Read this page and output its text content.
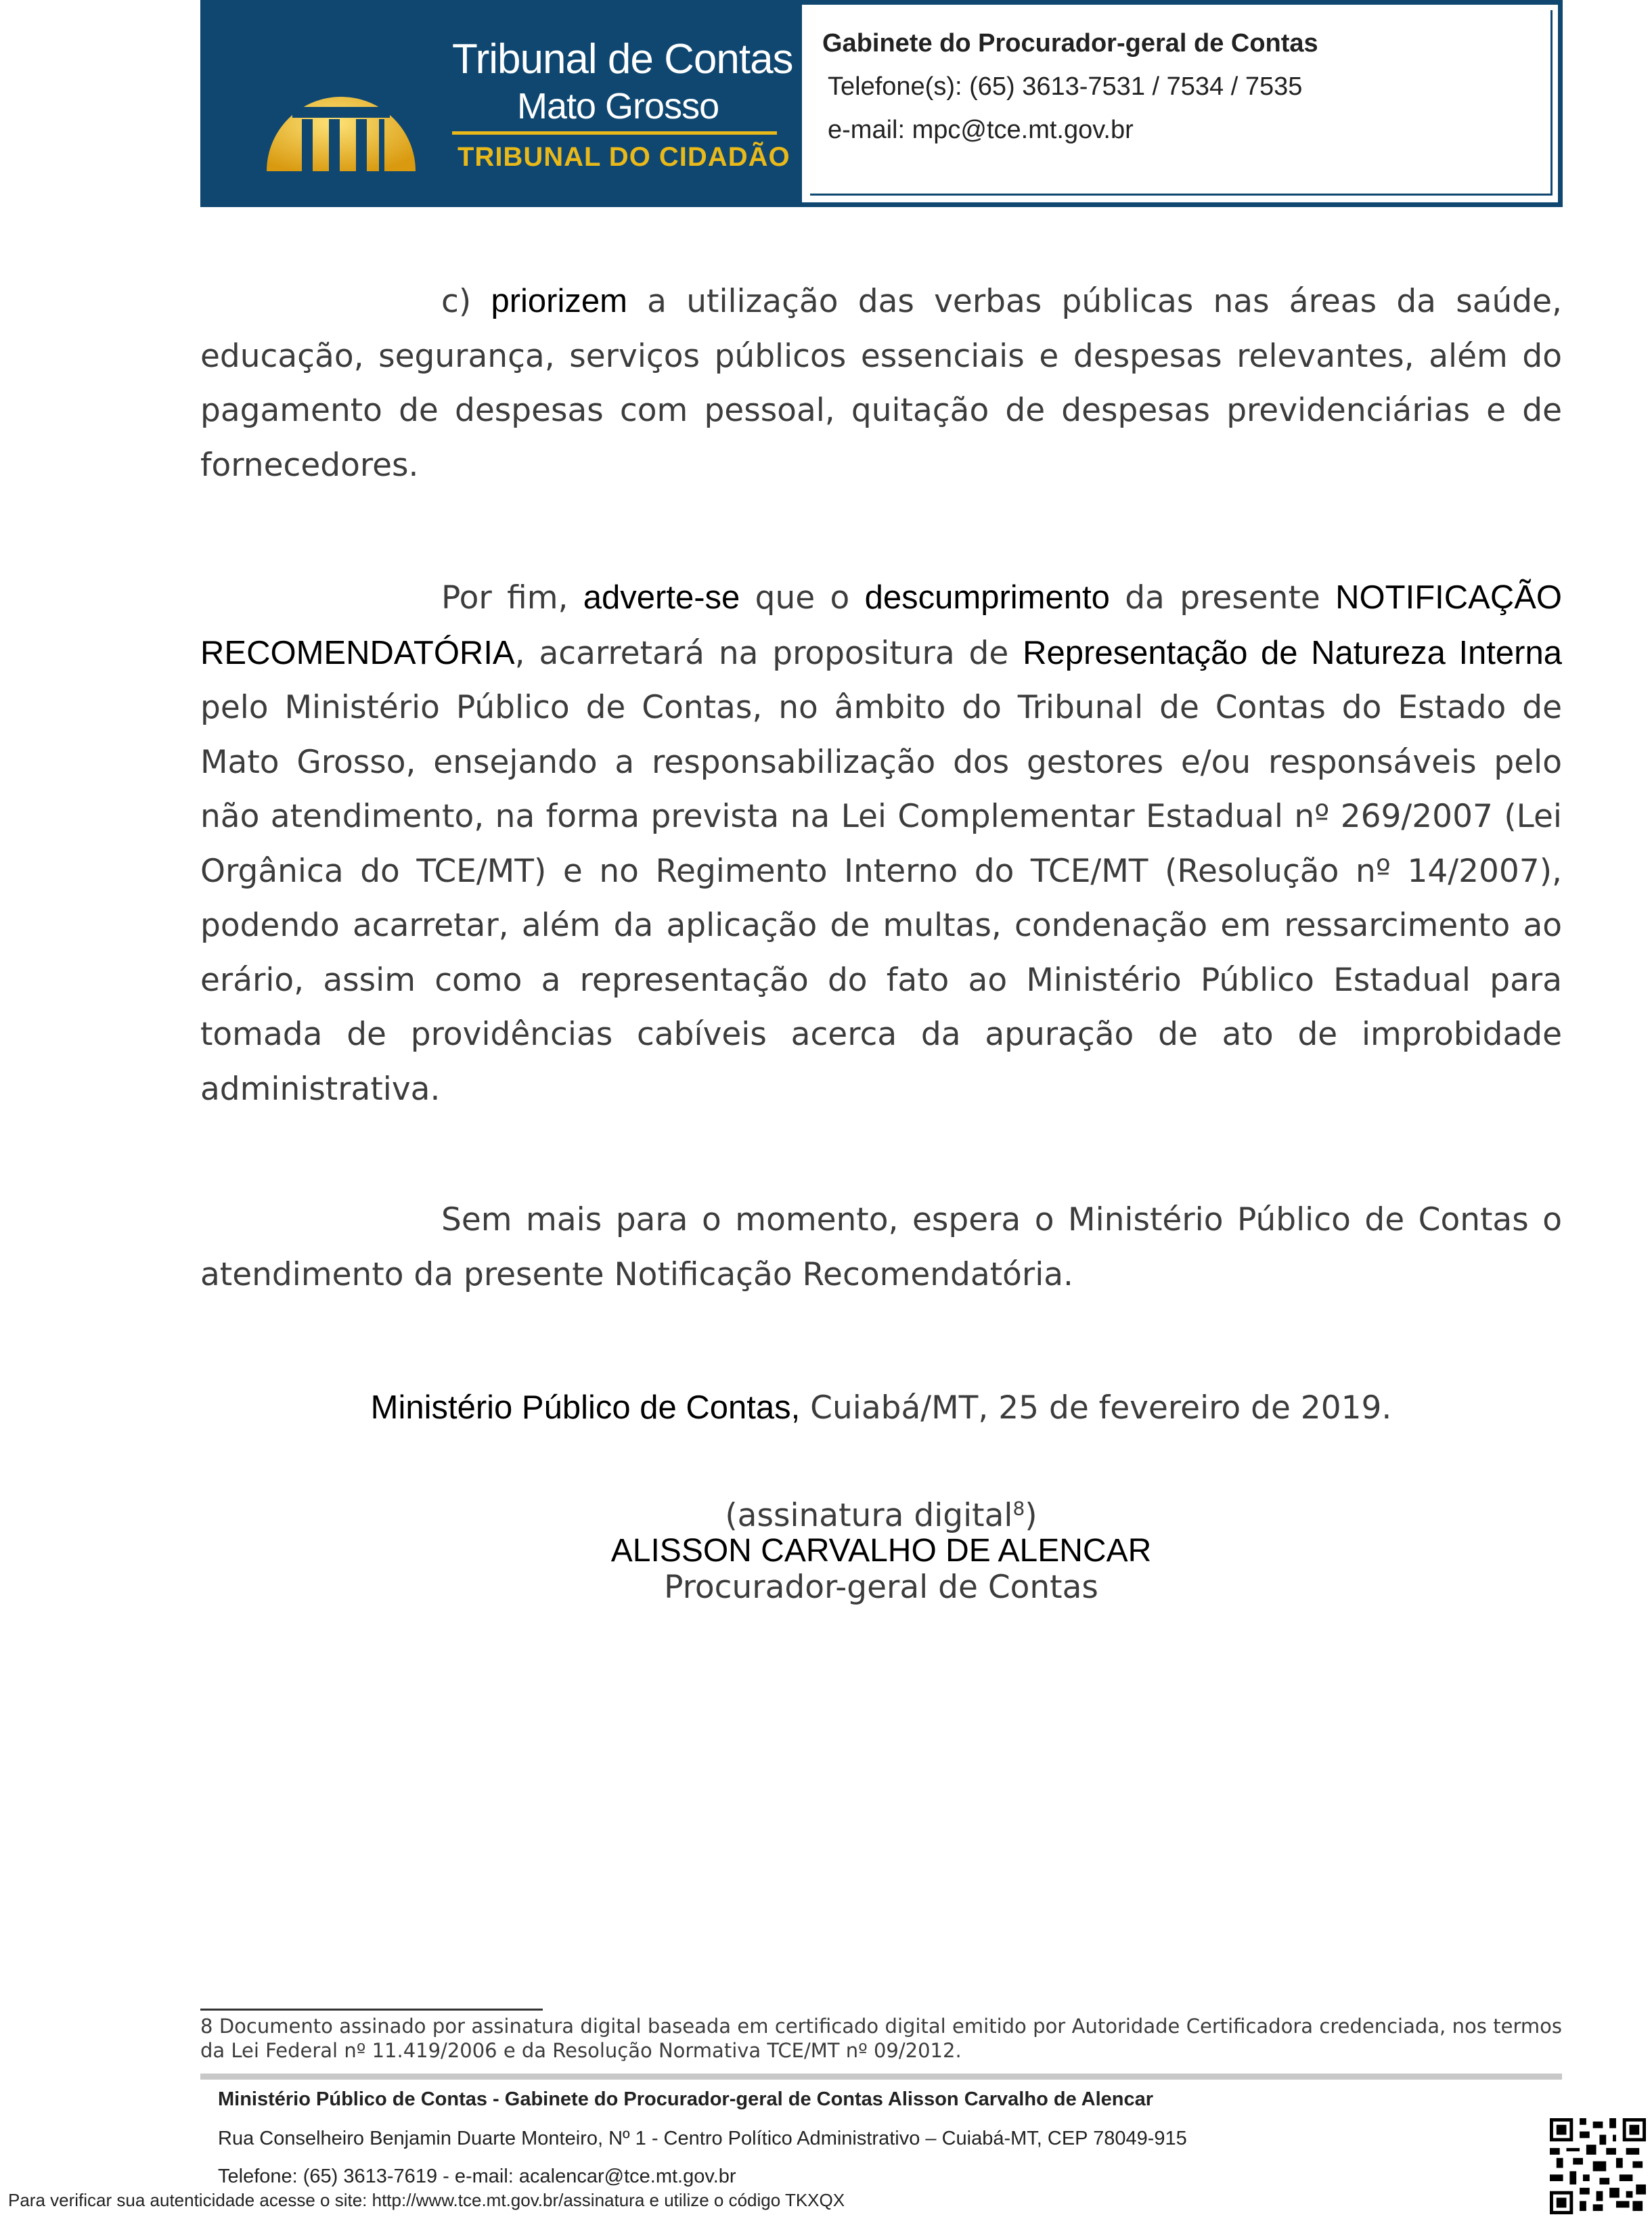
Tribunal de Contas
Mato Grosso
TRIBUNAL DO CIDADÃO
Gabinete do Procurador-geral de Contas
Telefone(s): (65) 3613-7531 / 7534 / 7535
e-mail: mpc@tce.mt.gov.br
c) priorizem a utilização das verbas públicas nas áreas da saúde, educação, segurança, serviços públicos essenciais e despesas relevantes, além do pagamento de despesas com pessoal, quitação de despesas previdenciárias e de fornecedores.
Por fim, adverte-se que o descumprimento da presente NOTIFICAÇÃO RECOMENDATÓRIA, acarretará na propositura de Representação de Natureza Interna pelo Ministério Público de Contas, no âmbito do Tribunal de Contas do Estado de Mato Grosso, ensejando a responsabilização dos gestores e/ou responsáveis pelo não atendimento, na forma prevista na Lei Complementar Estadual nº 269/2007 (Lei Orgânica do TCE/MT) e no Regimento Interno do TCE/MT (Resolução nº 14/2007), podendo acarretar, além da aplicação de multas, condenação em ressarcimento ao erário, assim como a representação do fato ao Ministério Público Estadual para tomada de providências cabíveis acerca da apuração de ato de improbidade administrativa.
Sem mais para o momento, espera o Ministério Público de Contas o atendimento da presente Notificação Recomendatória.
Ministério Público de Contas, Cuiabá/MT, 25 de fevereiro de 2019.
(assinatura digital$^8$)
ALISSON CARVALHO DE ALENCAR
Procurador-geral de Contas
8 Documento assinado por assinatura digital baseada em certificado digital emitido por Autoridade Certificadora credenciada, nos termos da Lei Federal nº 11.419/2006 e da Resolução Normativa TCE/MT nº 09/2012.
Ministério Público de Contas - Gabinete do Procurador-geral de Contas Alisson Carvalho de Alencar
Rua Conselheiro Benjamin Duarte Monteiro, Nº 1 - Centro Político Administrativo – Cuiabá-MT, CEP 78049-915
Telefone: (65) 3613-7619 - e-mail: acalencar@tce.mt.gov.br
Para verificar sua autenticidade acesse o site: http://www.tce.mt.gov.br/assinatura e utilize o código TKXQX
